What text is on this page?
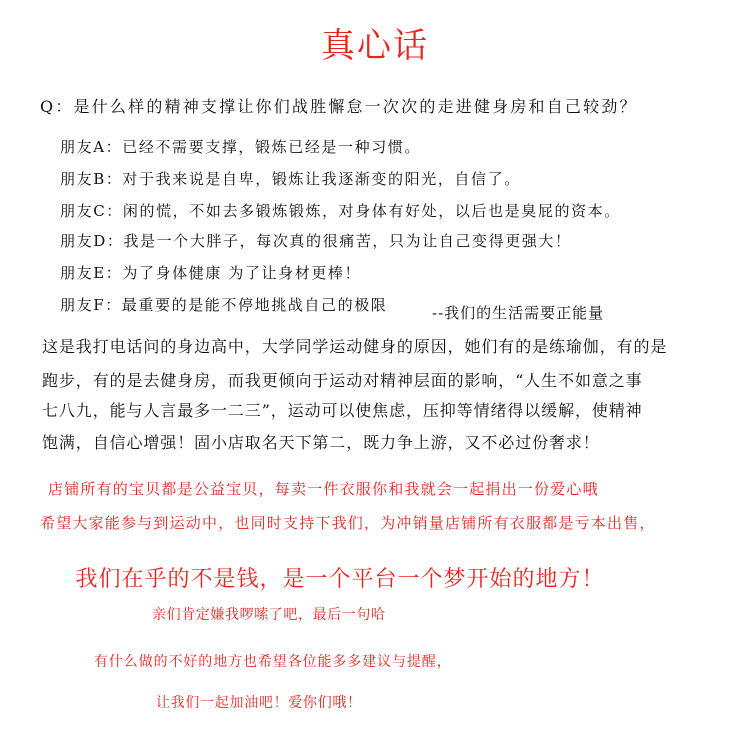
真心话
Q：是什么样的精神支撑让你们战胜懈怠一次次的走进健身房和自己较劲？
朋友A：已经不需要支撑，锻炼已经是一种习惯。
朋友B：对于我来说是自卑，锻炼让我逐渐变的阳光，自信了。
朋友C：闲的慌，不如去多锻炼锻炼，对身体有好处，以后也是臭屁的资本。
朋友D：我是一个大胖子，每次真的很痛苦，只为让自己变得更强大！
朋友E：为了身体健康 为了让身材更棒！
朋友F：最重要的是能不停地挑战自己的极限	--我们的生活需要正能量
这是我打电话问的身边高中，大学同学运动健身的原因，她们有的是练瑜伽，有的是
跑步，有的是去健身房，而我更倾向于运动对精神层面的影响，“人生不如意之事
七八九，能与人言最多一二三”，运动可以使焦虑，压抑等情绪得以缓解，使精神
饱满，自信心增强！固小店取名天下第二，既力争上游，又不必过份奢求！
店铺所有的宝贝都是公益宝贝，每卖一件衣服你和我就会一起捐出一份爱心哦
希望大家能参与到运动中，也同时支持下我们，为冲销量店铺所有衣服都是亏本出售，
我们在乎的不是钱，是一个平台一个梦开始的地方！
亲们肯定嫌我啰嗦了吧，最后一句哈
有什么做的不好的地方也希望各位能多多建议与提醒，
让我们一起加油吧！爱你们哦！
